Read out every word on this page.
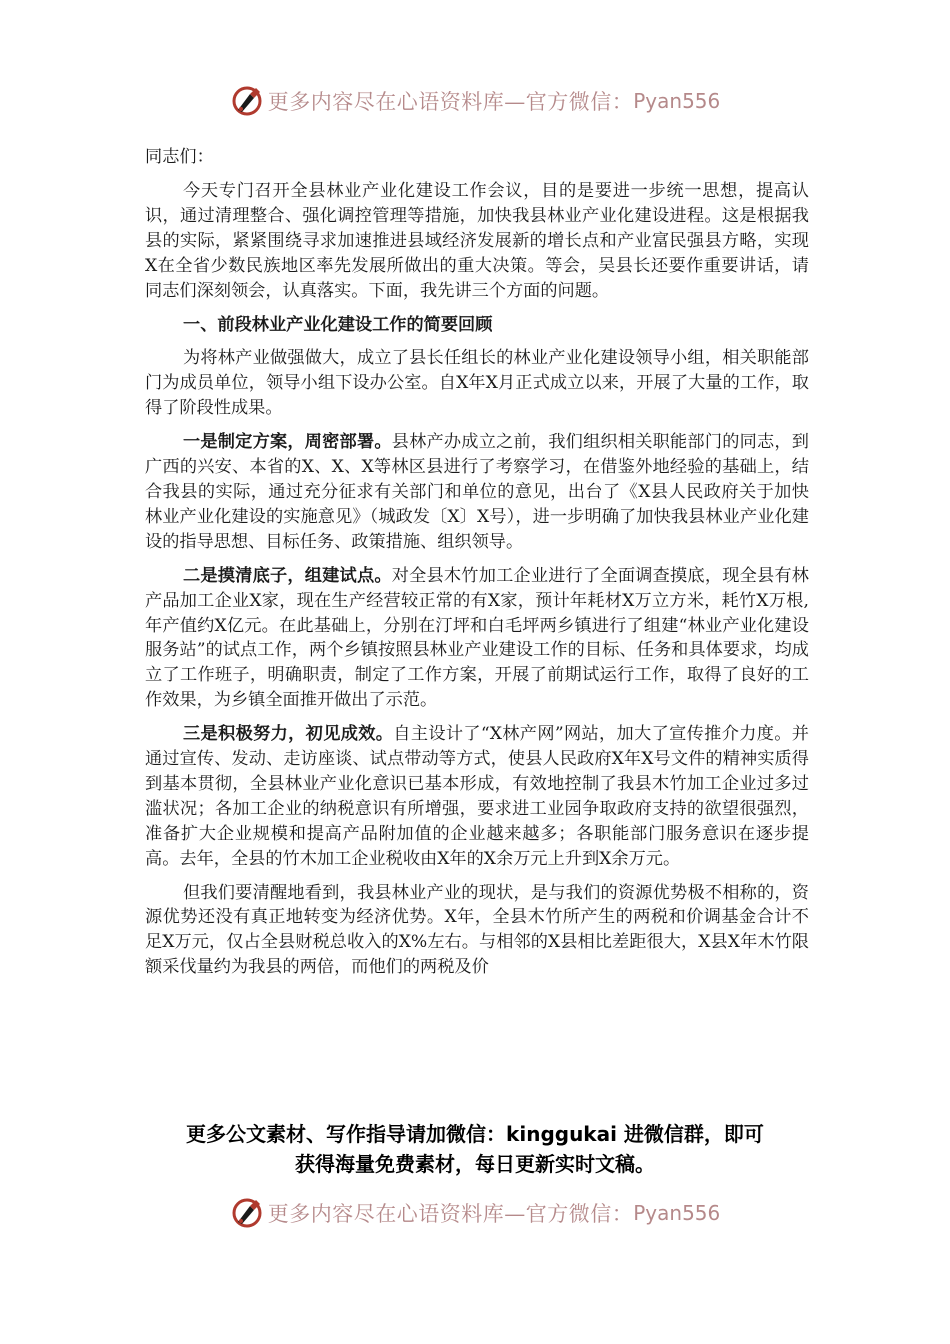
更多内容尽在心语资料库—官方微信： Pyan556

同志们：

今天专门召开全县林业产业化建设工作会议，目的是要进一步统一思想，提高认识，通过清理整合、强化调控管理等措施，加快我县林业产业化建设进程。这是根据我县的实际，紧紧围绕寻求加速推进县域经济发展新的增长点和产业富民强县方略，实现X在全省少数民族地区率先发展所做出的重大决策。等会，吴县长还要作重要讲话，请同志们深刻领会，认真落实。下面，我先讲三个方面的问题。

一、前段林业产业化建设工作的简要回顾

为将林产业做强做大，成立了县长任组长的林业产业化建设领导小组，相关职能部门为成员单位，领导小组下设办公室。自X年X月正式成立以来，开展了大量的工作，取得了阶段性成果。

一是制定方案，周密部署。县林产办成立之前，我们组织相关职能部门的同志，到广西的兴安、本省的X、X、X等林区县进行了考察学习，在借鉴外地经验的基础上，结合我县的实际，通过充分征求有关部门和单位的意见，出台了《X县人民政府关于加快林业产业化建设的实施意见》（城政发〔X〕X号），进一步明确了加快我县林业产业化建设的指导思想、目标任务、政策措施、组织领导。

二是摸清底子，组建试点。对全县木竹加工企业进行了全面调查摸底，现全县有林产品加工企业X家，现在生产经营较正常的有X家，预计年耗材X万立方米，耗竹X万根,年产值约X亿元。在此基础上，分别在汀坪和白毛坪两乡镇进行了组建“林业产业化建设服务站”的试点工作，两个乡镇按照县林业产业建设工作的目标、任务和具体要求，均成立了工作班子，明确职责，制定了工作方案，开展了前期试运行工作，取得了良好的工作效果，为乡镇全面推开做出了示范。

三是积极努力，初见成效。自主设计了“X林产网”网站，加大了宣传推介力度。并通过宣传、发动、走访座谈、试点带动等方式，使县人民政府X年X号文件的精神实质得到基本贯彻，全县林业产业化意识已基本形成，有效地控制了我县木竹加工企业过多过滥状况；各加工企业的纳税意识有所增强，要求进工业园争取政府支持的欲望很强烈，准备扩大企业规模和提高产品附加值的企业越来越多；各职能部门服务意识在逐步提高。去年，全县的竹木加工企业税收由X年的X余万元上升到X余万元。

但我们要清醒地看到，我县林业产业的现状，是与我们的资源优势极不相称的，资源优势还没有真正地转变为经济优势。X年，全县木竹所产生的两税和价调基金合计不足X万元，仅占全县财税总收入的X%左右。与相邻的X县相比差距很大，X县X年木竹限额采伐量约为我县的两倍，而他们的两税及价

更多公文素材、写作指导请加微信：kinggukai 进微信群，即可
获得海量免费素材，每日更新实时文稿。
更多内容尽在心语资料库—官方微信： Pyan556
